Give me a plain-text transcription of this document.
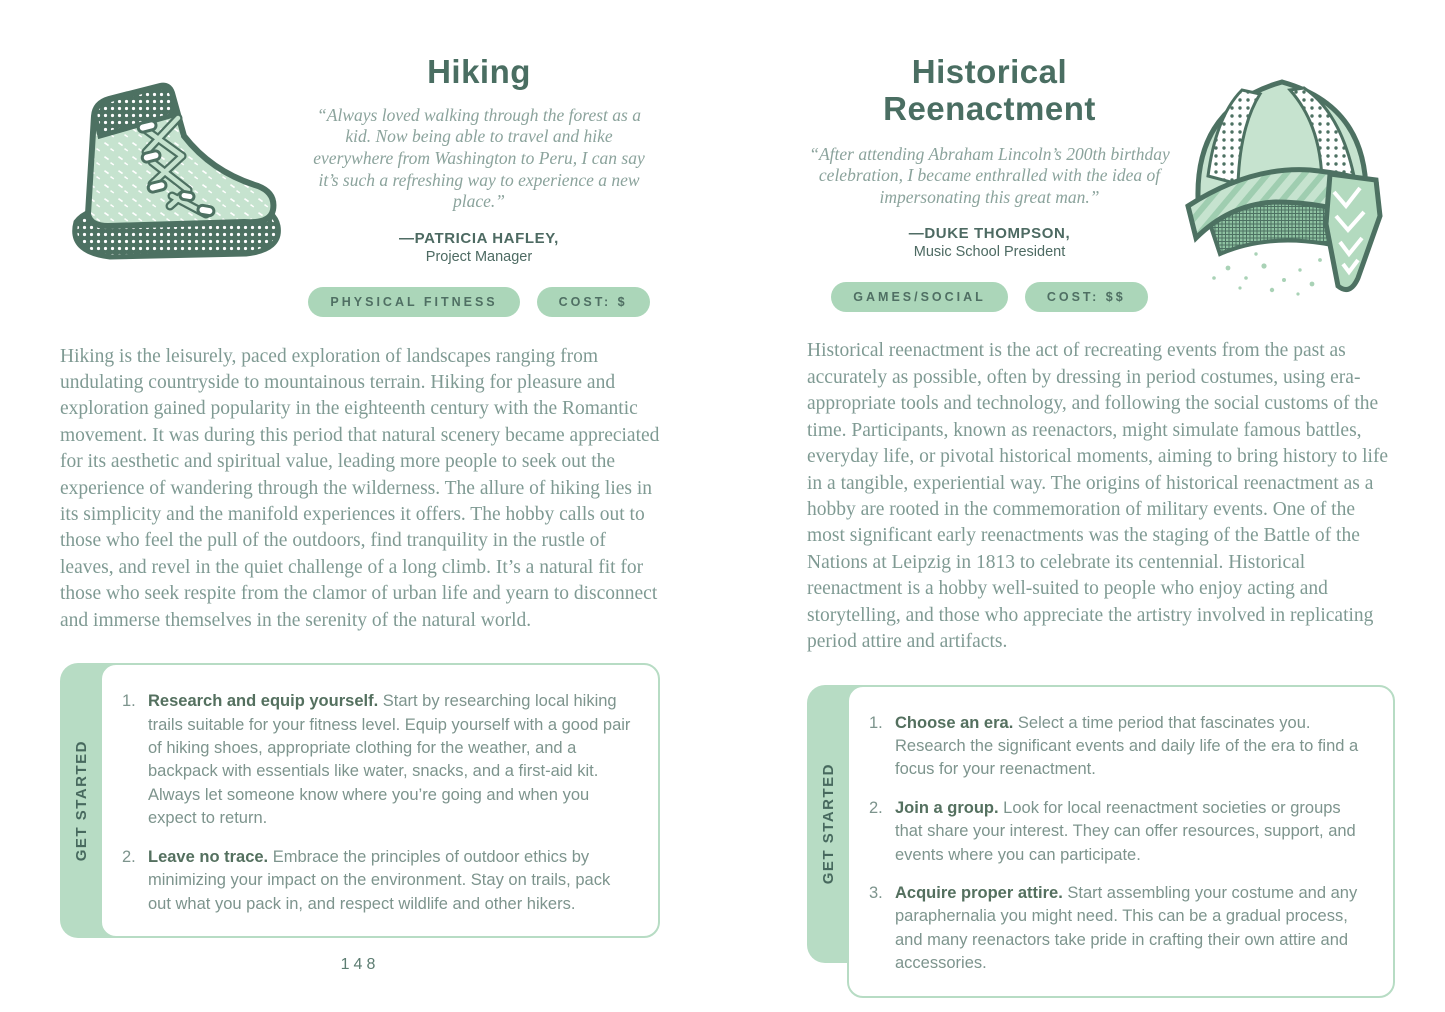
Hiking
“Always loved walking through the forest as a kid. Now being able to travel and hike everywhere from Washington to Peru, I can say it’s such a refreshing way to experience a new place.”
—PATRICIA HAFLEY,
Project Manager
PHYSICAL FITNESS	COST: $
Hiking is the leisurely, paced exploration of landscapes ranging from undulating countryside to mountainous terrain. Hiking for pleasure and exploration gained popularity in the eighteenth century with the Romantic movement. It was during this period that natural scenery became appreciated for its aesthetic and spiritual value, leading more people to seek out the experience of wandering through the wilderness. The allure of hiking lies in its simplicity and the manifold experiences it offers. The hobby calls out to those who feel the pull of the outdoors, find tranquility in the rustle of leaves, and revel in the quiet challenge of a long climb. It’s a natural fit for those who seek respite from the clamor of urban life and yearn to disconnect and immerse themselves in the serenity of the natural world.
GET STARTED
1. Research and equip yourself. Start by researching local hiking trails suitable for your fitness level. Equip yourself with a good pair of hiking shoes, appropriate clothing for the weather, and a backpack with essentials like water, snacks, and a first-aid kit. Always let someone know where you’re going and when you expect to return.
2. Leave no trace. Embrace the principles of outdoor ethics by minimizing your impact on the environment. Stay on trails, pack out what you pack in, and respect wildlife and other hikers.
148
Historical Reenactment
“After attending Abraham Lincoln’s 200th birthday celebration, I became enthralled with the idea of impersonating this great man.”
—DUKE THOMPSON,
Music School President
GAMES/SOCIAL	COST: $$
Historical reenactment is the act of recreating events from the past as accurately as possible, often by dressing in period costumes, using era-appropriate tools and technology, and following the social customs of the time. Participants, known as reenactors, might simulate famous battles, everyday life, or pivotal historical moments, aiming to bring history to life in a tangible, experiential way. The origins of historical reenactment as a hobby are rooted in the commemoration of military events. One of the most significant early reenactments was the staging of the Battle of the Nations at Leipzig in 1813 to celebrate its centennial. Historical reenactment is a hobby well-suited to people who enjoy acting and storytelling, and those who appreciate the artistry involved in replicating period attire and artifacts.
GET STARTED
1. Choose an era. Select a time period that fascinates you. Research the significant events and daily life of the era to find a focus for your reenactment.
2. Join a group. Look for local reenactment societies or groups that share your interest. They can offer resources, support, and events where you can participate.
3. Acquire proper attire. Start assembling your costume and any paraphernalia you might need. This can be a gradual process, and many reenactors take pride in crafting their own attire and accessories.
